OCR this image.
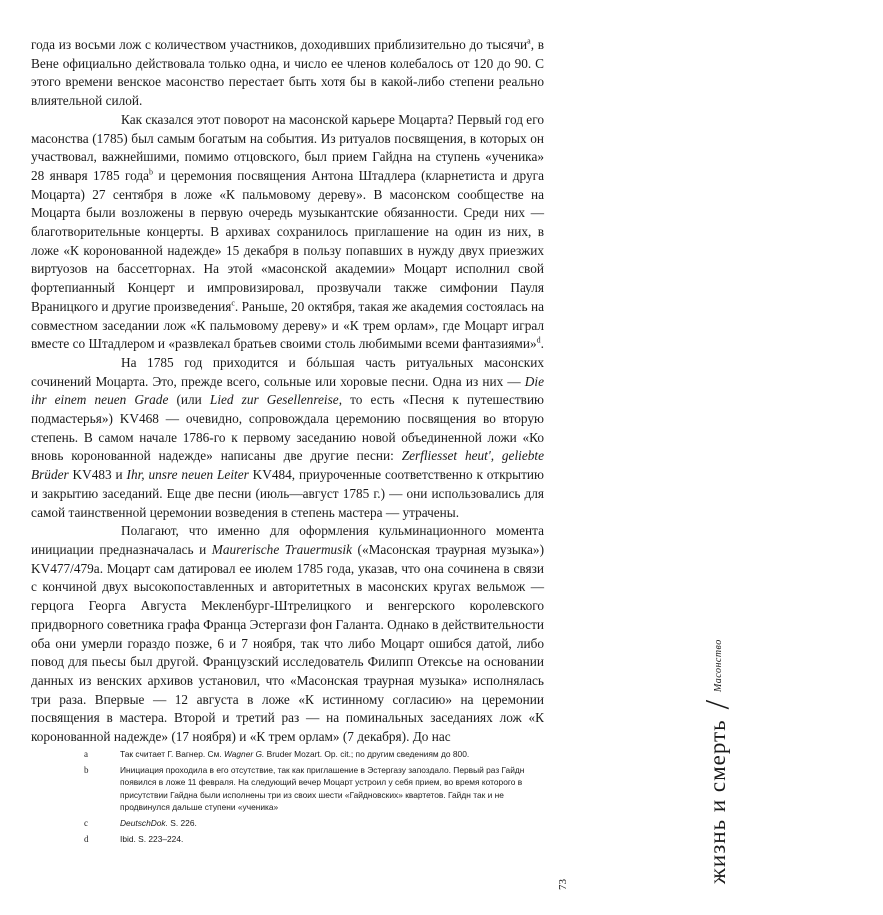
года из восьми лож с количеством участников, доходивших приблизительно до тысячи$^a$, в Вене официально действовала только одна, и число ее членов колебалось от 120 до 90. С этого времени венское масонство перестает быть хотя бы в какой-либо степени реально влиятельной силой.

Как сказался этот поворот на масонской карьере Моцарта? Первый год его масонства (1785) был самым богатым на события. Из ритуалов посвящения, в которых он участвовал, важнейшими, помимо отцовского, был прием Гайдна на ступень «ученика» 28 января 1785 года$^b$ и церемония посвящения Антона Штадлера (кларнетиста и друга Моцарта) 27 сентября в ложе «К пальмовому дереву». В масонском сообществе на Моцарта были возложены в первую очередь музыкантские обязанности. Среди них — благотворительные концерты. В архивах сохранилось приглашение на один из них, в ложе «К коронованной надежде» 15 декабря в пользу попавших в нужду двух приезжих виртуозов на бассетгорнах. На этой «масонской академии» Моцарт исполнил свой фортепианный Концерт и импровизировал, прозвучали также симфонии Пауля Враницкого и другие произведения$^c$. Раньше, 20 октября, такая же академия состоялась на совместном заседании лож «К пальмовому дереву» и «К трем орлам», где Моцарт играл вместе со Штадлером и «развлекал братьев своими столь любимыми всеми фантазиями»$^d$.

На 1785 год приходится и бóльшая часть ритуальных масонских сочинений Моцарта. Это, прежде всего, сольные или хоровые песни. Одна из них — Die ihr einem neuen Grade (или Lied zur Gesellenreise, то есть «Песня к путешествию подмастерья») KV468 — очевидно, сопровождала церемонию посвящения во вторую степень. В самом начале 1786-го к первому заседанию новой объединенной ложи «Ко вновь коронованной надежде» написаны две другие песни: Zerfliesset heut', geliebte Brüder KV483 и Ihr, unsre neuen Leiter KV484, приуроченные соответственно к открытию и закрытию заседаний. Еще две песни (июль—август 1785 г.) — они использовались для самой таинственной церемонии возведения в степень мастера — утрачены.

Полагают, что именно для оформления кульминационного момента инициации предназначалась и Maurerische Trauermusik («Масонская траурная музыка») KV477/479a. Моцарт сам датировал ее июлем 1785 года, указав, что она сочинена в связи с кончиной двух высокопоставленных и авторитетных в масонских кругах вельмож — герцога Георга Августа Мекленбург-Штрелицкого и венгерского королевского придворного советника графа Франца Эстергази фон Галанта. Однако в действительности оба они умерли гораздо позже, 6 и 7 ноября, так что либо Моцарт ошибся датой, либо повод для пьесы был другой. Французский исследователь Филипп Отексье на основании данных из венских архивов установил, что «Масонская траурная музыка» исполнялась три раза. Впервые — 12 августа в ложе «К истинному согласию» на церемонии посвящения в мастера. Второй и третий раз — на поминальных заседаниях лож «К коронованной надежде» (17 ноября) и «К трем орлам» (7 декабря). До нас

a	Так считает Г. Вагнер. См. Wagner G. Bruder Mozart. Op. cit.; по другим сведениям до 800.
b	Инициация проходила в его отсутствие, так как приглашение в Эстергазу запоздало. Первый раз Гайдн появился в ложе 11 февраля. На следующий вечер Моцарт устроил у себя прием, во время которого в присутствии Гайдна были исполнены три из своих шести «Гайдновских» квартетов. Гайдн так и не продвинулся дальше ступени «ученика»
c	DeutschDok. S. 226.
d	Ibid. S. 223–224.	жизнь и смерть
/
Масонство
73
